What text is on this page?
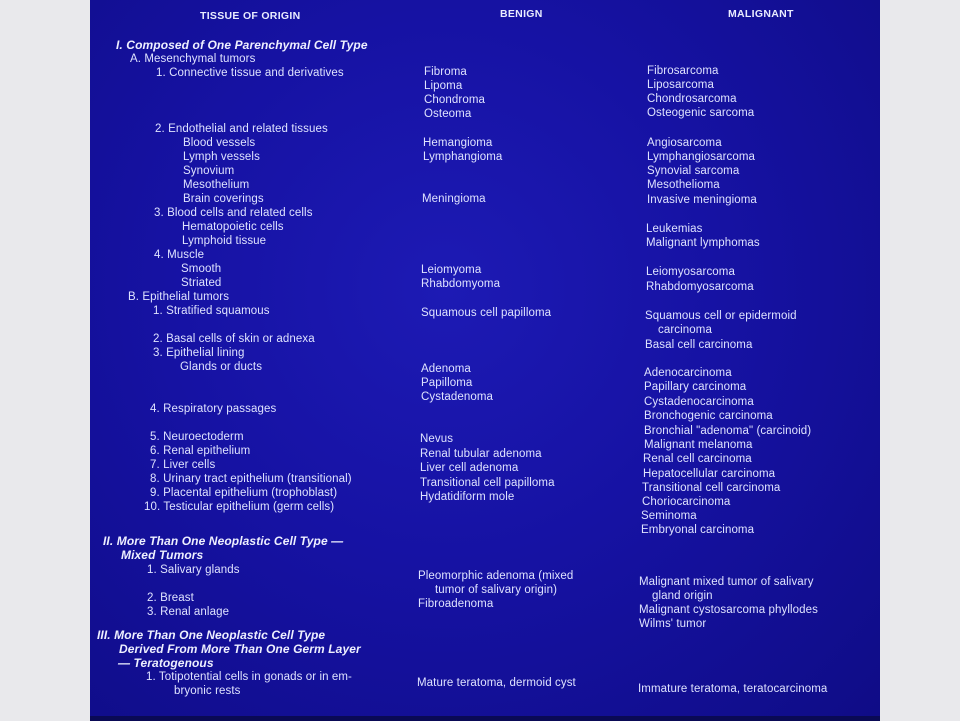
TISSUE OF ORIGIN	BENIGN	MALIGNANT
I. Composed of One Parenchymal Cell Type
A. Mesenchymal tumors
1. Connective tissue and derivatives
2. Endothelial and related tissues
Blood vessels
Lymph vessels
Synovium
Mesothelium
Brain coverings
3. Blood cells and related cells
Hematopoietic cells
Lymphoid tissue
4. Muscle
Smooth
Striated
B. Epithelial tumors
1. Stratified squamous
2. Basal cells of skin or adnexa
3. Epithelial lining
Glands or ducts
4. Respiratory passages
5. Neuroectoderm
6. Renal epithelium
7. Liver cells
8. Urinary tract epithelium (transitional)
9. Placental epithelium (trophoblast)
10. Testicular epithelium (germ cells)
II. More Than One Neoplastic Cell Type —
Mixed Tumors
1. Salivary glands
2. Breast
3. Renal anlage
III. More Than One Neoplastic Cell Type
Derived From More Than One Germ Layer
— Teratogenous
1. Totipotential cells in gonads or in em-
bryonic rests
Fibroma
Lipoma
Chondroma
Osteoma
Hemangioma
Lymphangioma
Meningioma
Leiomyoma
Rhabdomyoma
Squamous cell papilloma
Adenoma
Papilloma
Cystadenoma
Nevus
Renal tubular adenoma
Liver cell adenoma
Transitional cell papilloma
Hydatidiform mole
Pleomorphic adenoma (mixed
tumor of salivary origin)
Fibroadenoma
Mature teratoma, dermoid cyst
Fibrosarcoma
Liposarcoma
Chondrosarcoma
Osteogenic sarcoma
Angiosarcoma
Lymphangiosarcoma
Synovial sarcoma
Mesothelioma
Invasive meningioma
Leukemias
Malignant lymphomas
Leiomyosarcoma
Rhabdomyosarcoma
Squamous cell or epidermoid
carcinoma
Basal cell carcinoma
Adenocarcinoma
Papillary carcinoma
Cystadenocarcinoma
Bronchogenic carcinoma
Bronchial "adenoma" (carcinoid)
Malignant melanoma
Renal cell carcinoma
Hepatocellular carcinoma
Transitional cell carcinoma
Choriocarcinoma
Seminoma
Embryonal carcinoma
Malignant mixed tumor of salivary
gland origin
Malignant cystosarcoma phyllodes
Wilms' tumor
Immature teratoma, teratocarcinoma
